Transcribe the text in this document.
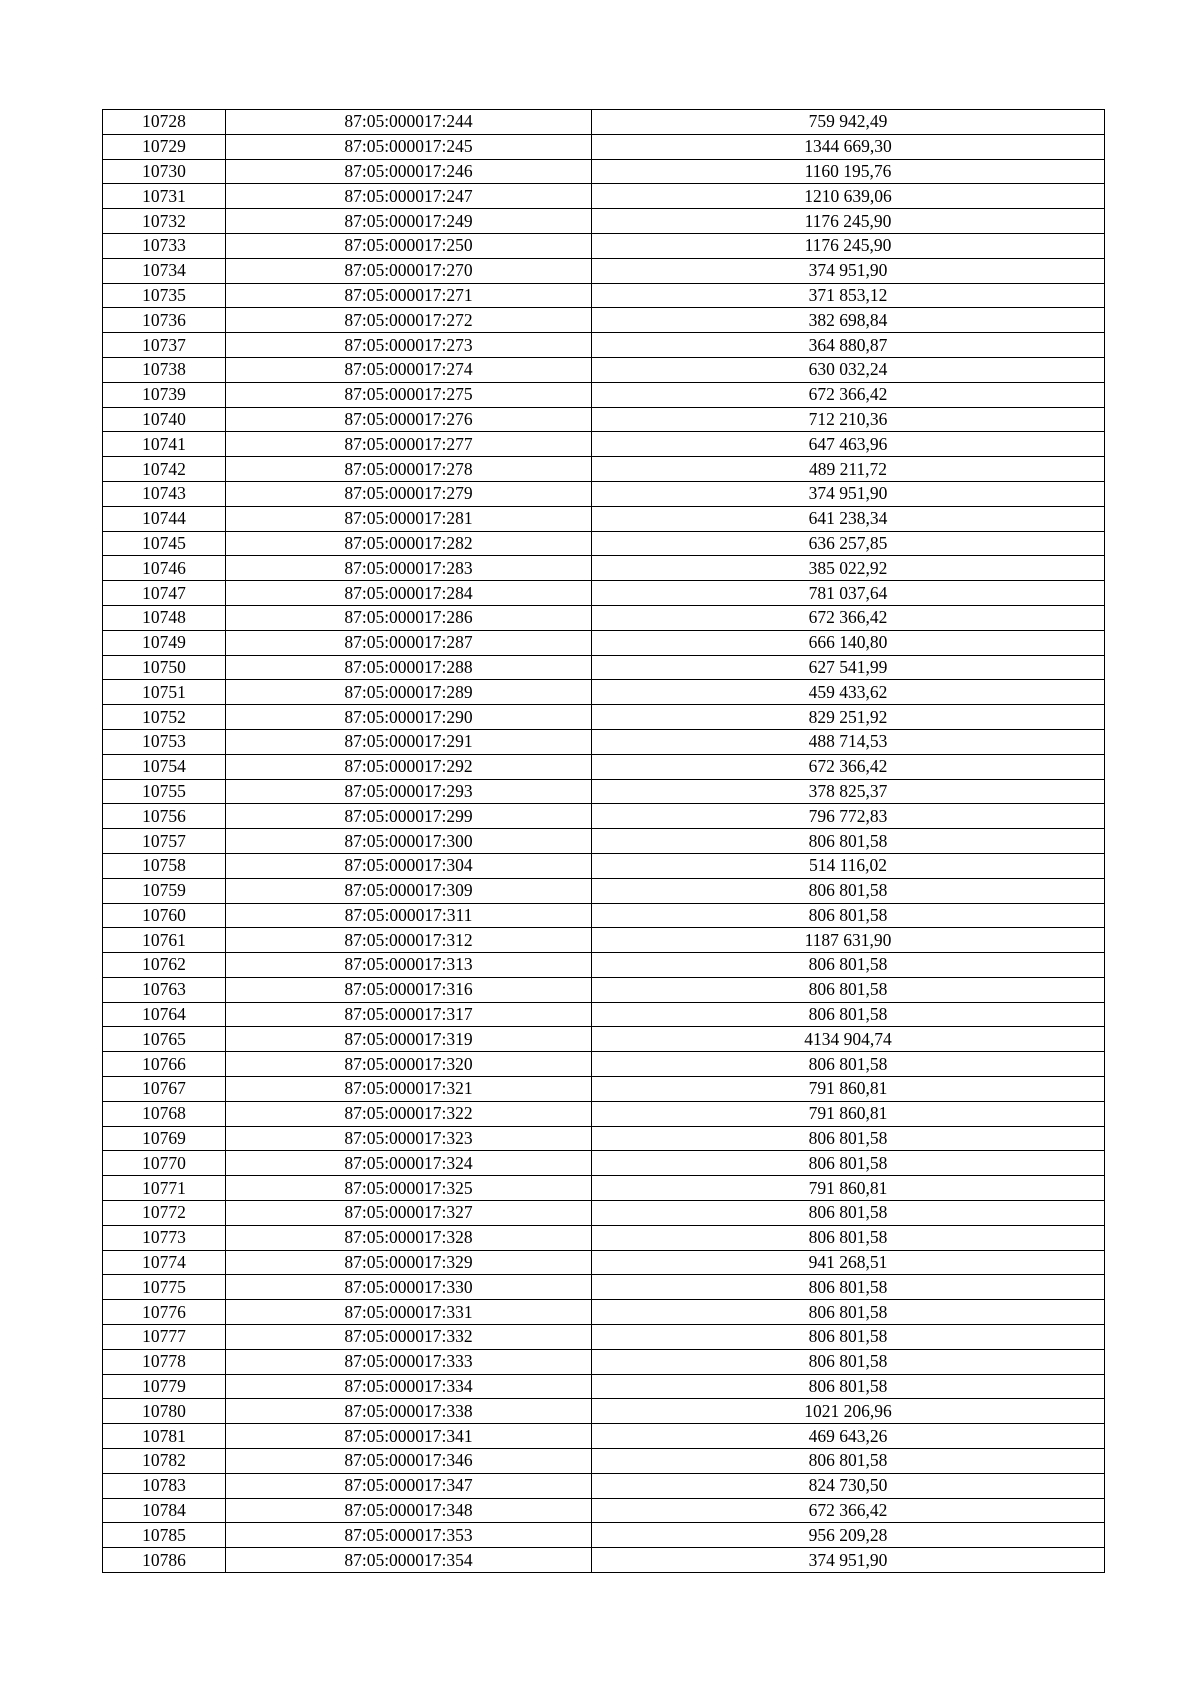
10728	87:05:000017:244	759 942,49
10729	87:05:000017:245	1344 669,30
10730	87:05:000017:246	1160 195,76
10731	87:05:000017:247	1210 639,06
10732	87:05:000017:249	1176 245,90
10733	87:05:000017:250	1176 245,90
10734	87:05:000017:270	374 951,90
10735	87:05:000017:271	371 853,12
10736	87:05:000017:272	382 698,84
10737	87:05:000017:273	364 880,87
10738	87:05:000017:274	630 032,24
10739	87:05:000017:275	672 366,42
10740	87:05:000017:276	712 210,36
10741	87:05:000017:277	647 463,96
10742	87:05:000017:278	489 211,72
10743	87:05:000017:279	374 951,90
10744	87:05:000017:281	641 238,34
10745	87:05:000017:282	636 257,85
10746	87:05:000017:283	385 022,92
10747	87:05:000017:284	781 037,64
10748	87:05:000017:286	672 366,42
10749	87:05:000017:287	666 140,80
10750	87:05:000017:288	627 541,99
10751	87:05:000017:289	459 433,62
10752	87:05:000017:290	829 251,92
10753	87:05:000017:291	488 714,53
10754	87:05:000017:292	672 366,42
10755	87:05:000017:293	378 825,37
10756	87:05:000017:299	796 772,83
10757	87:05:000017:300	806 801,58
10758	87:05:000017:304	514 116,02
10759	87:05:000017:309	806 801,58
10760	87:05:000017:311	806 801,58
10761	87:05:000017:312	1187 631,90
10762	87:05:000017:313	806 801,58
10763	87:05:000017:316	806 801,58
10764	87:05:000017:317	806 801,58
10765	87:05:000017:319	4134 904,74
10766	87:05:000017:320	806 801,58
10767	87:05:000017:321	791 860,81
10768	87:05:000017:322	791 860,81
10769	87:05:000017:323	806 801,58
10770	87:05:000017:324	806 801,58
10771	87:05:000017:325	791 860,81
10772	87:05:000017:327	806 801,58
10773	87:05:000017:328	806 801,58
10774	87:05:000017:329	941 268,51
10775	87:05:000017:330	806 801,58
10776	87:05:000017:331	806 801,58
10777	87:05:000017:332	806 801,58
10778	87:05:000017:333	806 801,58
10779	87:05:000017:334	806 801,58
10780	87:05:000017:338	1021 206,96
10781	87:05:000017:341	469 643,26
10782	87:05:000017:346	806 801,58
10783	87:05:000017:347	824 730,50
10784	87:05:000017:348	672 366,42
10785	87:05:000017:353	956 209,28
10786	87:05:000017:354	374 951,90
